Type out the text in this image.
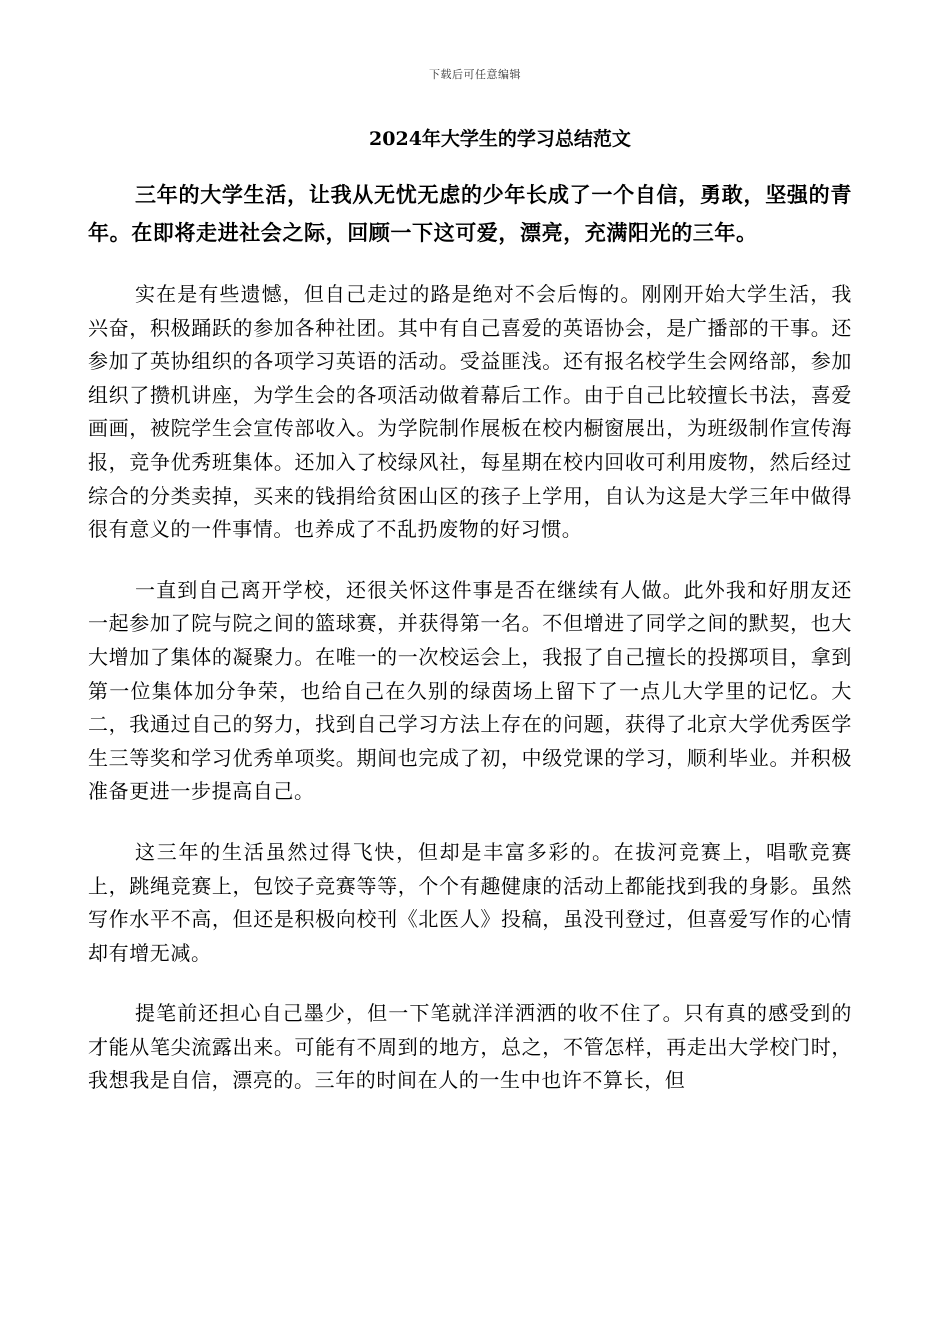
下载后可任意编辑
2024年大学生的学习总结范文

三年的大学生活，让我从无忧无虑的少年长成了一个自信，勇敢，坚强的青年。在即将走进社会之际，回顾一下这可爱，漂亮，充满阳光的三年。

实在是有些遗憾，但自己走过的路是绝对不会后悔的。刚刚开始大学生活，我兴奋，积极踊跃的参加各种社团。其中有自己喜爱的英语协会，是广播部的干事。还参加了英协组织的各项学习英语的活动。受益匪浅。还有报名校学生会网络部，参加组织了攒机讲座，为学生会的各项活动做着幕后工作。由于自己比较擅长书法，喜爱画画，被院学生会宣传部收入。为学院制作展板在校内橱窗展出，为班级制作宣传海报，竞争优秀班集体。还加入了校绿风社，每星期在校内回收可利用废物，然后经过综合的分类卖掉，买来的钱捐给贫困山区的孩子上学用，自认为这是大学三年中做得很有意义的一件事情。也养成了不乱扔废物的好习惯。

一直到自己离开学校，还很关怀这件事是否在继续有人做。此外我和好朋友还一起参加了院与院之间的篮球赛，并获得第一名。不但增进了同学之间的默契，也大大增加了集体的凝聚力。在唯一的一次校运会上，我报了自己擅长的投掷项目，拿到第一位集体加分争荣，也给自己在久别的绿茵场上留下了一点儿大学里的记忆。大二，我通过自己的努力，找到自己学习方法上存在的问题，获得了北京大学优秀医学生三等奖和学习优秀单项奖。期间也完成了初，中级党课的学习，顺利毕业。并积极准备更进一步提高自己。

这三年的生活虽然过得飞快，但却是丰富多彩的。在拔河竞赛上，唱歌竞赛上，跳绳竞赛上，包饺子竞赛等等，个个有趣健康的活动上都能找到我的身影。虽然写作水平不高，但还是积极向校刊《北医人》投稿，虽没刊登过，但喜爱写作的心情却有增无减。

提笔前还担心自己墨少，但一下笔就洋洋洒洒的收不住了。只有真的感受到的才能从笔尖流露出来。可能有不周到的地方，总之，不管怎样，再走出大学校门时，我想我是自信，漂亮的。三年的时间在人的一生中也许不算长，但
